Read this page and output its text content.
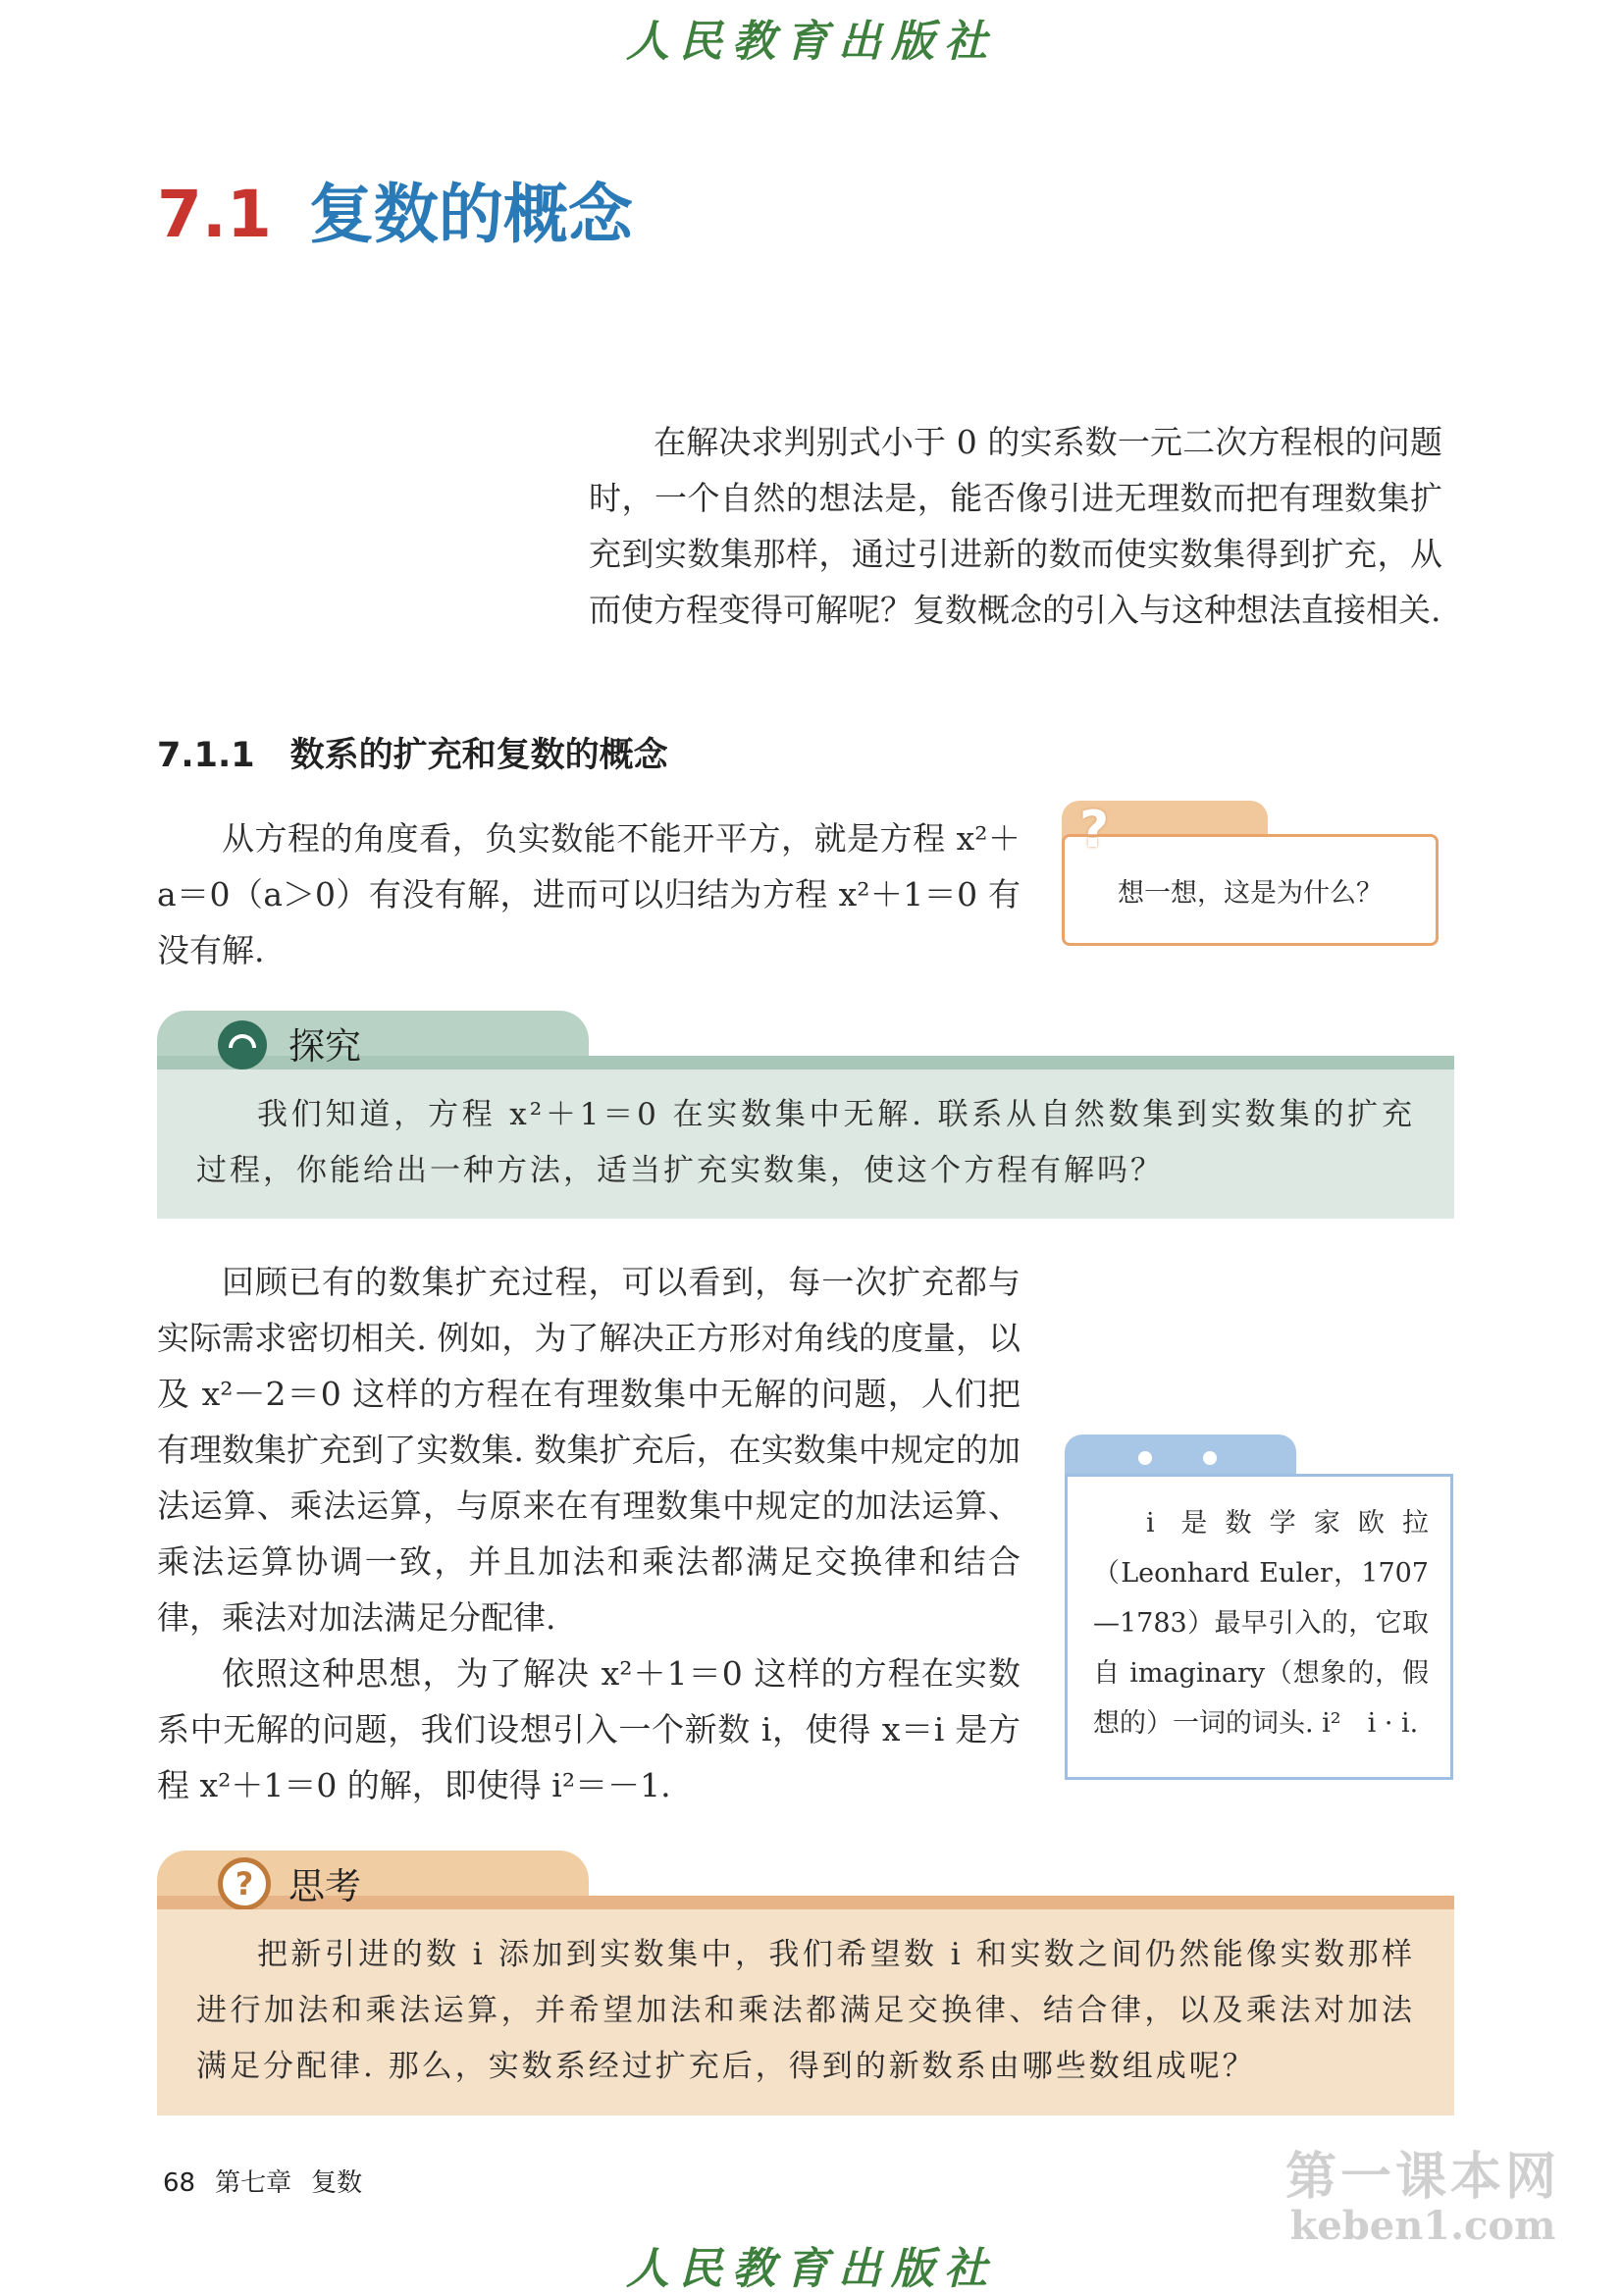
人民教育出版社
7.1 复数的概念

在解决求判别式小于 0 的实系数一元二次方程根的问题时，一个自然的想法是，能否像引进无理数而把有理数集扩充到实数集那样，通过引进新的数而使实数集得到扩充，从而使方程变得可解呢？复数概念的引入与这种想法直接相关.

7.1.1 数系的扩充和复数的概念

从方程的角度看，负实数能不能开平方，就是方程 x²＋a＝0（a＞0）有没有解，进而可以归结为方程 x²＋1＝0 有没有解.

想一想，这是为什么？
?
探究

我们知道，方程 x²＋1＝0 在实数集中无解. 联系从自然数集到实数集的扩充过程，你能给出一种方法，适当扩充实数集，使这个方程有解吗？

回顾已有的数集扩充过程，可以看到，每一次扩充都与实际需求密切相关. 例如，为了解决正方形对角线的度量，以及 x²－2＝0 这样的方程在有理数集中无解的问题，人们把有理数集扩充到了实数集. 数集扩充后，在实数集中规定的加法运算、乘法运算，与原来在有理数集中规定的加法运算、乘法运算协调一致，并且加法和乘法都满足交换律和结合律，乘法对加法满足分配律.

依照这种思想，为了解决 x²＋1＝0 这样的方程在实数系中无解的问题，我们设想引入一个新数 i，使得 x＝i 是方程 x²＋1＝0 的解，即使得 i²＝－1.

i 是数学家欧拉（Leonhard Euler，1707—1783）最早引入的，它取自 imaginary（想象的，假想的）一词的词头. i²　i · i.

? 思考

把新引进的数 i 添加到实数集中，我们希望数 i 和实数之间仍然能像实数那样进行加法和乘法运算，并希望加法和乘法都满足交换律、结合律，以及乘法对加法满足分配律. 那么，实数系经过扩充后，得到的新数系由哪些数组成呢？

68 第七章 复数	第一课本网
keben1.com
人民教育出版社
